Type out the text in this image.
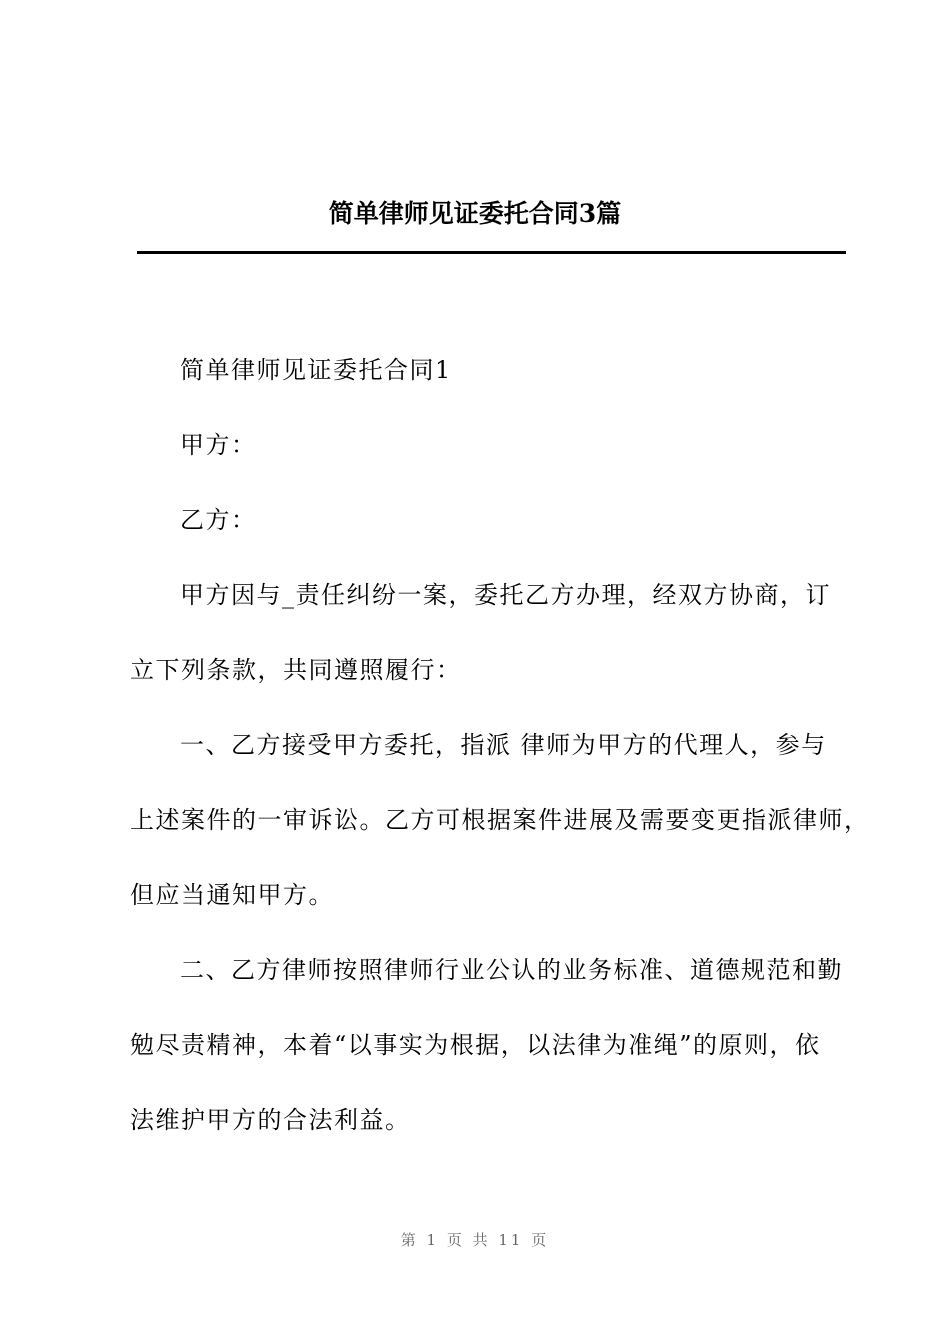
简单律师见证委托合同3篇
简单律师见证委托合同1
甲方：
乙方：
甲方因与_责任纠纷一案，委托乙方办理，经双方协商，订
立下列条款，共同遵照履行：
一、乙方接受甲方委托，指派 律师为甲方的代理人，参与
上述案件的一审诉讼。乙方可根据案件进展及需要变更指派律师，
但应当通知甲方。
二、乙方律师按照律师行业公认的业务标准、道德规范和勤
勉尽责精神，本着“以事实为根据，以法律为准绳”的原则，依
法维护甲方的合法利益。
第 1 页 共 11 页
